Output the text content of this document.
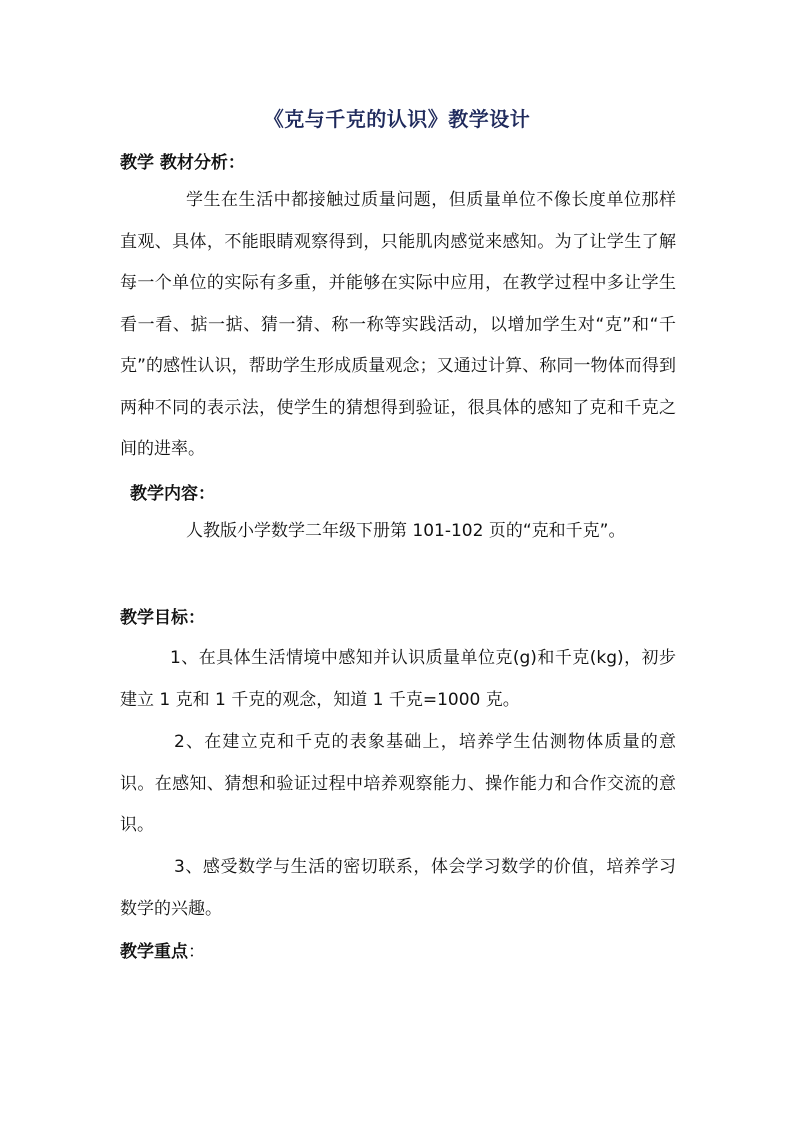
《克与千克的认识》教学设计
教学 教材分析：
学生在生活中都接触过质量问题，但质量单位不像长度单位那样直观、具体，不能眼睛观察得到，只能肌肉感觉来感知。为了让学生了解每一个单位的实际有多重，并能够在实际中应用，在教学过程中多让学生看一看、掂一掂、猜一猜、称一称等实践活动，以增加学生对“克”和“千克”的感性认识，帮助学生形成质量观念；又通过计算、称同一物体而得到两种不同的表示法，使学生的猜想得到验证，很具体的感知了克和千克之间的进率。
教学内容：
人教版小学数学二年级下册第 101-102 页的“克和千克”。
教学目标：
1、在具体生活情境中感知并认识质量单位克(g)和千克(kg)，初步建立 1 克和 1 千克的观念，知道 1 千克=1000 克。
2、在建立克和千克的表象基础上，培养学生估测物体质量的意识。在感知、猜想和验证过程中培养观察能力、操作能力和合作交流的意识。
3、感受数学与生活的密切联系，体会学习数学的价值，培养学习数学的兴趣。
教学重点：
